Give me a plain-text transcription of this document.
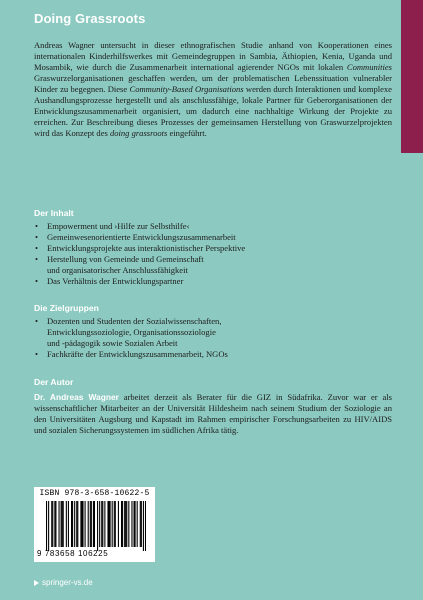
Doing Grassroots

Andreas Wagner untersucht in dieser ethnografischen Studie anhand von Kooperationen eines internationalen Kinderhilfswerkes mit Gemeindegruppen in Sambia, Äthiopien, Kenia, Uganda und Mosambik, wie durch die Zusammenarbeit international agierender NGOs mit lokalen Communities Graswurzelorganisationen geschaffen werden, um der problematischen Lebenssituation vulnerabler Kinder zu begegnen. Diese Community-Based Organisations werden durch Interaktionen und komplexe Aushandlungsprozesse hergestellt und als anschlussfähige, lokale Partner für Geberorganisationen der Entwicklungszusammenarbeit organisiert, um dadurch eine nachhaltige Wirkung der Projekte zu erreichen. Zur Beschreibung dieses Prozesses der gemeinsamen Herstellung von Graswurzelprojekten wird das Konzept des doing grassroots eingeführt.

Der Inhalt
• Empowerment und ›Hilfe zur Selbsthilfe‹
• Gemeinwesenorientierte Entwicklungszusammenarbeit
• Entwicklungsprojekte aus interaktionistischer Perspektive
• Herstellung von Gemeinde und Gemeinschaft
und organisatorischer Anschlussfähigkeit
• Das Verhältnis der Entwicklungspartner
Die Zielgruppen
• Dozenten und Studenten der Sozialwissenschaften,
Entwicklungssoziologie, Organisationssoziologie
und -pädagogik sowie Sozialen Arbeit
• Fachkräfte der Entwicklungszusammenarbeit, NGOs
Der Autor

Dr. Andreas Wagner arbeitet derzeit als Berater für die GIZ in Südafrika. Zuvor war er als wissenschaftlicher Mitarbeiter an der Universität Hildesheim nach seinem Studium der Soziologie an den Universitäten Augsburg und Kapstadt im Rahmen empirischer Forschungsarbeiten zu HIV/AIDS und sozialen Sicherungssystemen im südlichen Afrika tätig.

ISBN 978-3-658-10622-5
9 783658 106225
springer-vs.de
